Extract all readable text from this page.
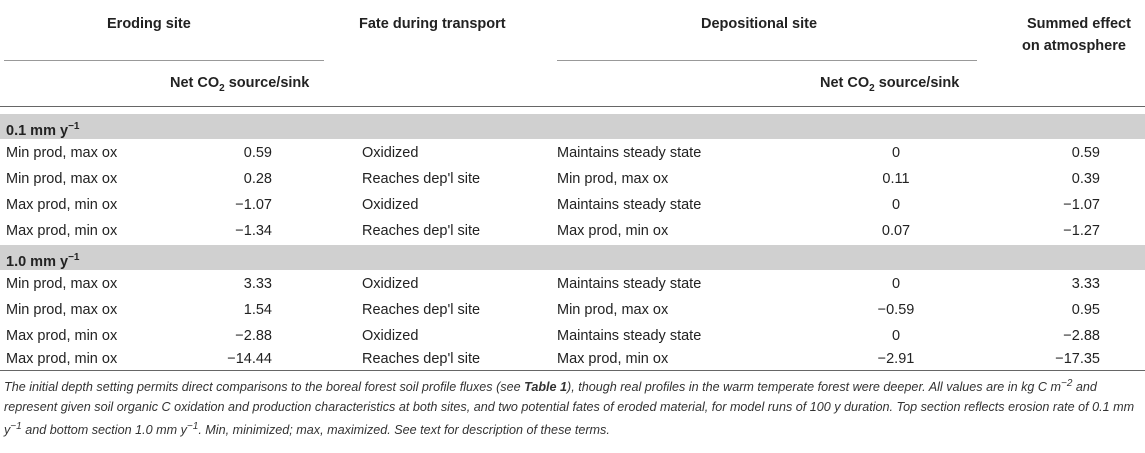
Eroding site	Fate during transport	Depositional site	Summed effect
on atmosphere
Net $CO_2$ source/sink	Net $CO_2$ source/sink
0.1 mm $y^{-1}$
Min prod, max ox	0.59	Oxidized	Maintains steady state	0	0.59
Min prod, max ox	0.28	Reaches dep'l site	Min prod, max ox	0.11	0.39
Max prod, min ox	−1.07	Oxidized	Maintains steady state	0	−1.07
Max prod, min ox	−1.34	Reaches dep'l site	Max prod, min ox	0.07	−1.27
1.0 mm $y^{-1}$
Min prod, max ox	3.33	Oxidized	Maintains steady state	0	3.33
Min prod, max ox	1.54	Reaches dep'l site	Min prod, max ox	−0.59	0.95
Max prod, min ox	−2.88	Oxidized	Maintains steady state	0	−2.88
Max prod, min ox	−14.44	Reaches dep'l site	Max prod, min ox	−2.91	−17.35
The initial depth setting permits direct comparisons to the boreal forest soil profile fluxes (see Table 1), though real profiles in the warm temperate forest were deeper. All values are in kg C $m^{-2}$ and represent given soil organic C oxidation and production characteristics at both sites, and two potential fates of eroded material, for model runs of 100 y duration. Top section reflects erosion rate of 0.1 mm $y^{-1}$ and bottom section 1.0 mm $y^{-1}$. Min, minimized; max, maximized. See text for description of these terms.
